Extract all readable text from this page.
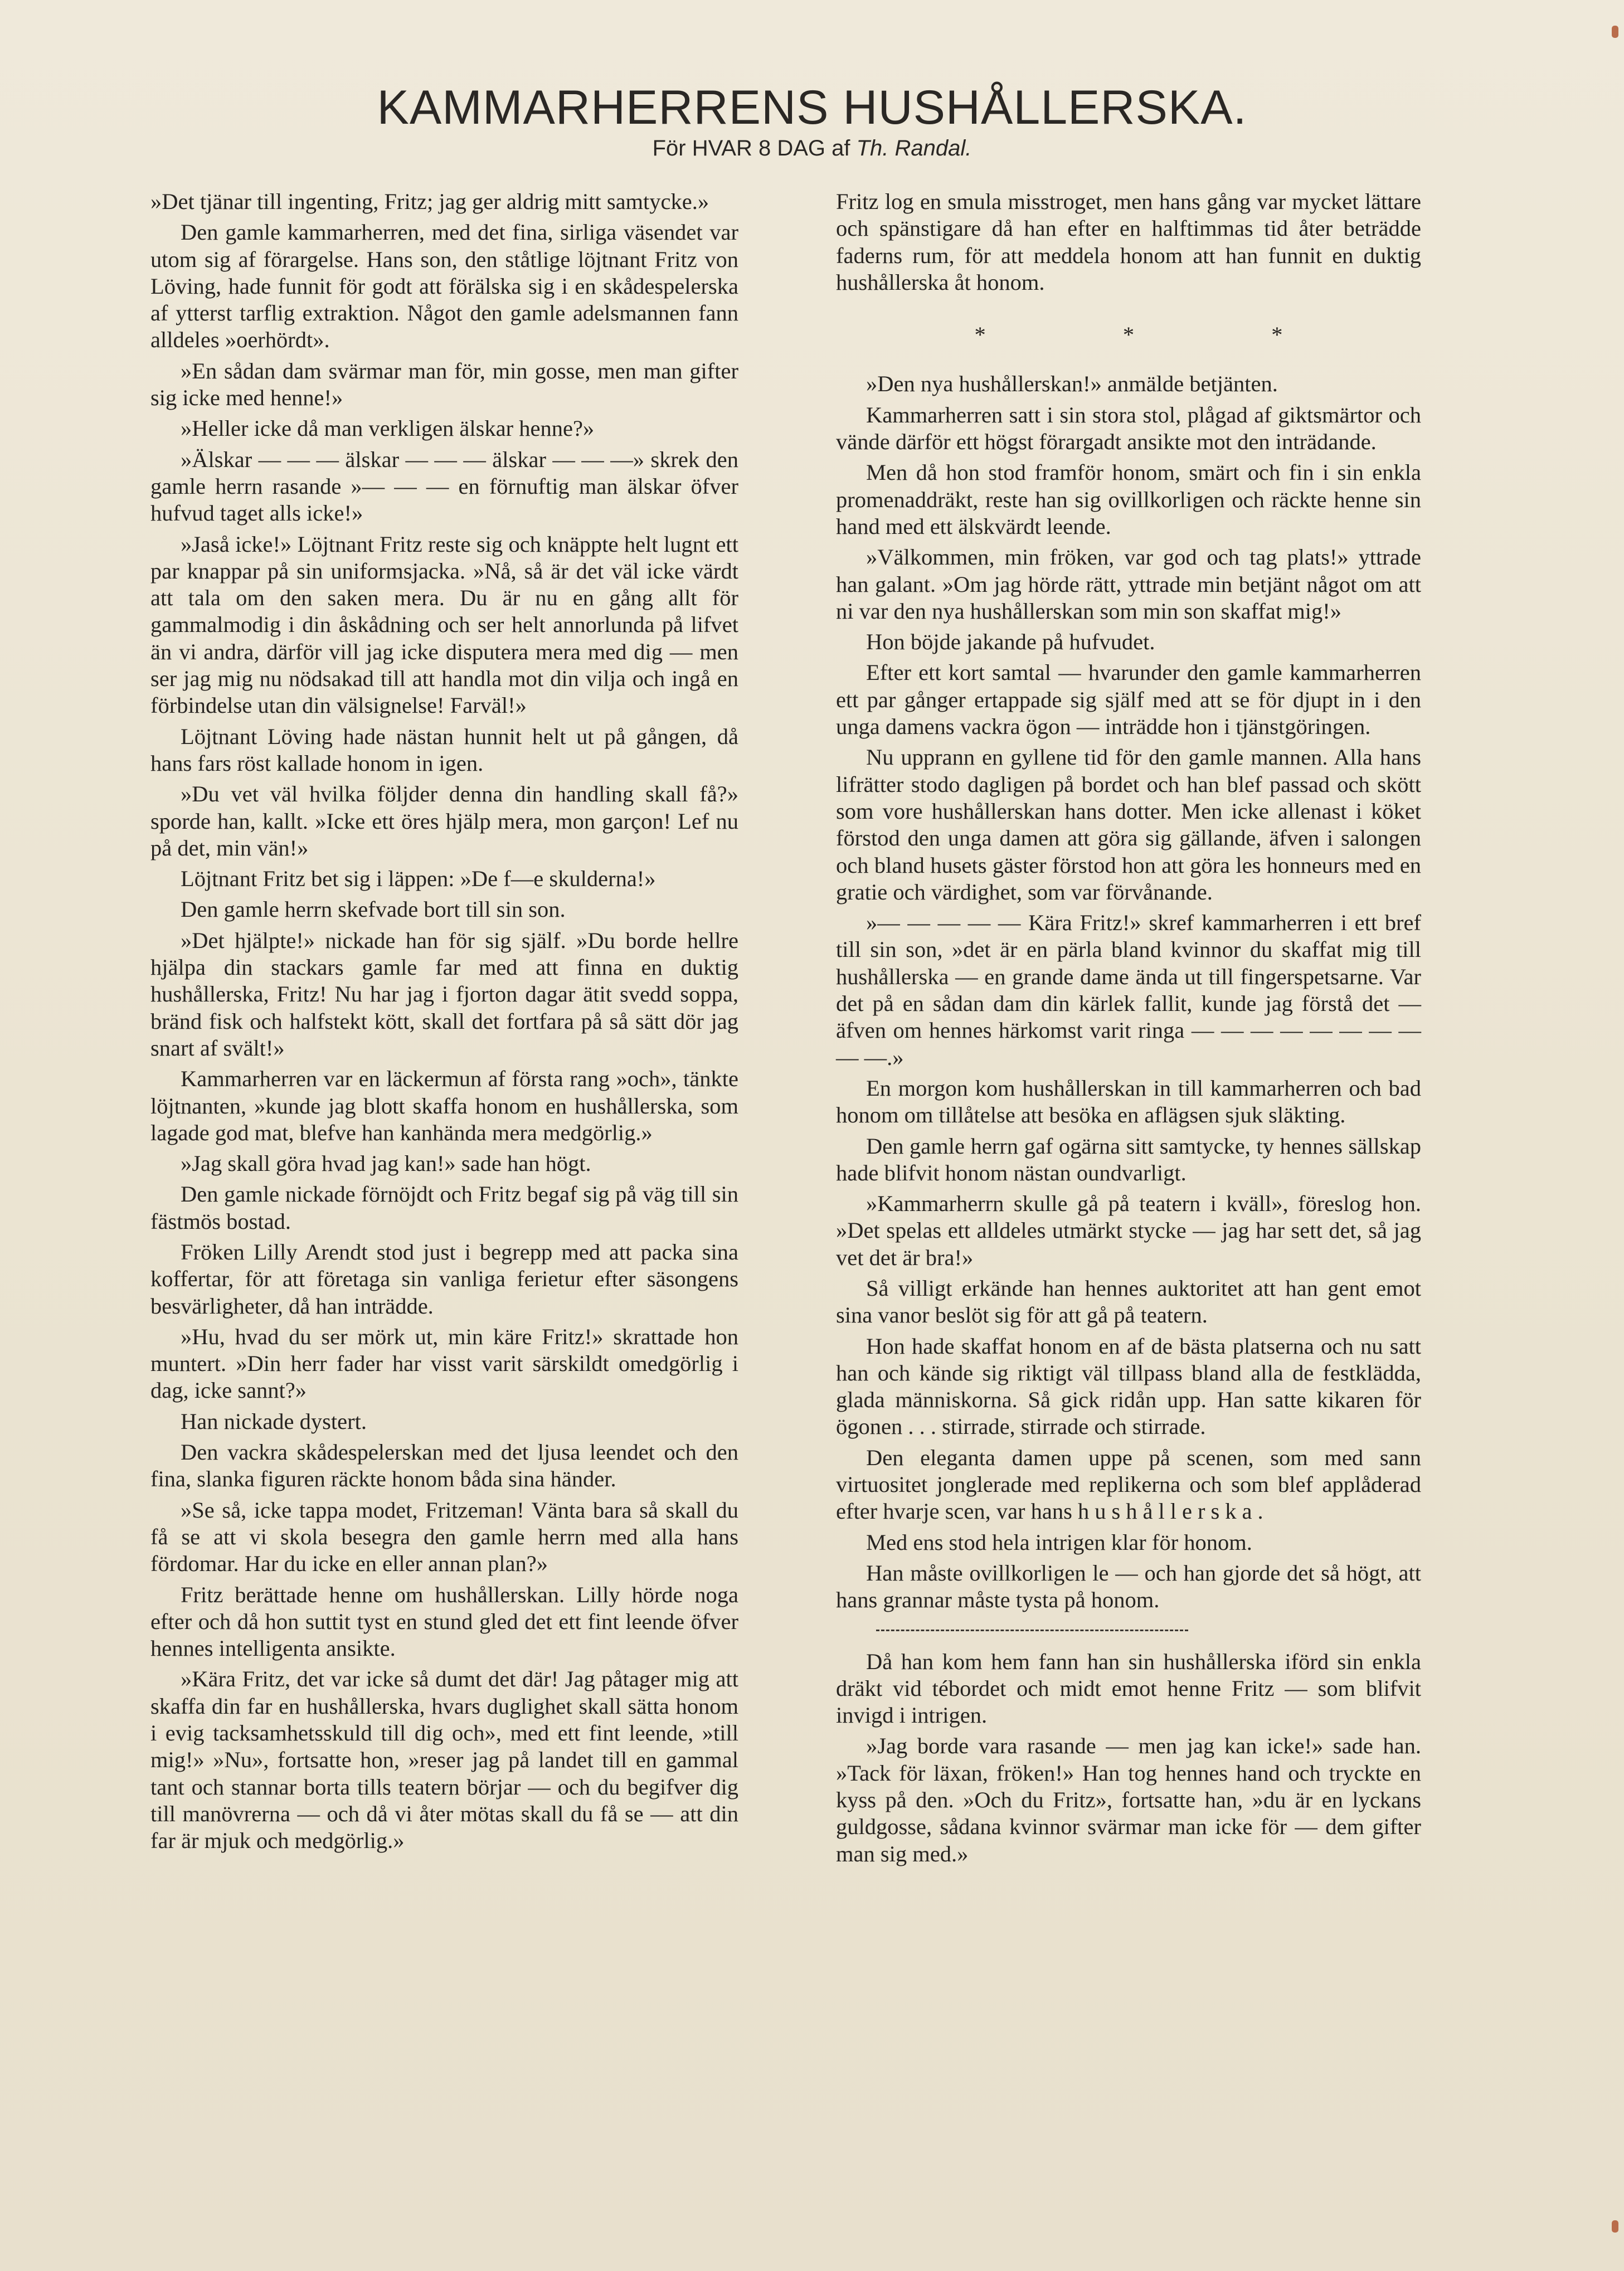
KAMMARHERRENS HUSHÅLLERSKA.
För HVAR 8 DAG af Th. Randal.

»Det tjänar till ingenting, Fritz; jag ger aldrig mitt samtycke.»

Den gamle kammarherren, med det fina, sirliga väsendet var utom sig af förargelse. Hans son, den ståtlige löjtnant Fritz von Löving, hade funnit för godt att förälska sig i en skådespelerska af ytterst tarflig extraktion. Något den gamle adelsmannen fann alldeles »oerhördt».

»En sådan dam svärmar man för, min gosse, men man gifter sig icke med henne!»

»Heller icke då man verkligen älskar henne?»

»Älskar — — — älskar — — — älskar — — —» skrek den gamle herrn rasande »— — — en förnuftig man älskar öfver hufvud taget alls icke!»

»Jaså icke!» Löjtnant Fritz reste sig och knäppte helt lugnt ett par knappar på sin uniformsjacka. »Nå, så är det väl icke värdt att tala om den saken mera. Du är nu en gång allt för gammalmodig i din åskådning och ser helt annorlunda på lifvet än vi andra, därför vill jag icke disputera mera med dig — men ser jag mig nu nödsakad till att handla mot din vilja och ingå en förbindelse utan din välsignelse! Farväl!»

Löjtnant Löving hade nästan hunnit helt ut på gången, då hans fars röst kallade honom in igen.

»Du vet väl hvilka följder denna din handling skall få?» sporde han, kallt. »Icke ett öres hjälp mera, mon garçon! Lef nu på det, min vän!»

Löjtnant Fritz bet sig i läppen: »De f—e skulderna!»

Den gamle herrn skefvade bort till sin son.

»Det hjälpte!» nickade han för sig själf. »Du borde hellre hjälpa din stackars gamle far med att finna en duktig hushållerska, Fritz! Nu har jag i fjorton dagar ätit svedd soppa, bränd fisk och halfstekt kött, skall det fortfara på så sätt dör jag snart af svält!»

Kammarherren var en läckermun af första rang »och», tänkte löjtnanten, »kunde jag blott skaffa honom en hushållerska, som lagade god mat, blefve han kanhända mera medgörlig.»

»Jag skall göra hvad jag kan!» sade han högt.

Den gamle nickade förnöjdt och Fritz begaf sig på väg till sin fästmös bostad.

Fröken Lilly Arendt stod just i begrepp med att packa sina koffertar, för att företaga sin vanliga ferietur efter säsongens besvärligheter, då han inträdde.

»Hu, hvad du ser mörk ut, min käre Fritz!» skrattade hon muntert. »Din herr fader har visst varit särskildt omedgörlig i dag, icke sannt?»

Han nickade dystert.

Den vackra skådespelerskan med det ljusa leendet och den fina, slanka figuren räckte honom båda sina händer.

»Se så, icke tappa modet, Fritzeman! Vänta bara så skall du få se att vi skola besegra den gamle herrn med alla hans fördomar. Har du icke en eller annan plan?»

Fritz berättade henne om hushållerskan. Lilly hörde noga efter och då hon suttit tyst en stund gled det ett fint leende öfver hennes intelligenta ansikte.

»Kära Fritz, det var icke så dumt det där! Jag påtager mig att skaffa din far en hushållerska, hvars duglighet skall sätta honom i evig tacksamhetsskuld till dig och», med ett fint leende, »till mig!» »Nu», fortsatte hon, »reser jag på landet till en gammal tant och stannar borta tills teatern börjar — och du begifver dig till manövrerna — och då vi åter mötas skall du få se — att din far är mjuk och medgörlig.»

Fritz log en smula misstroget, men hans gång var mycket lättare och spänstigare då han efter en halftimmas tid åter beträdde faderns rum, för att meddela honom att han funnit en duktig hushållerska åt honom.

* * *

»Den nya hushållerskan!» anmälde betjänten.

Kammarherren satt i sin stora stol, plågad af giktsmärtor och vände därför ett högst förargadt ansikte mot den inträdande.

Men då hon stod framför honom, smärt och fin i sin enkla promenaddräkt, reste han sig ovillkorligen och räckte henne sin hand med ett älskvärdt leende.

»Välkommen, min fröken, var god och tag plats!» yttrade han galant. »Om jag hörde rätt, yttrade min betjänt något om att ni var den nya hushållerskan som min son skaffat mig!»

Hon böjde jakande på hufvudet.

Efter ett kort samtal — hvarunder den gamle kammarherren ett par gånger ertappade sig själf med att se för djupt in i den unga damens vackra ögon — inträdde hon i tjänstgöringen.

Nu upprann en gyllene tid för den gamle mannen. Alla hans lifrätter stodo dagligen på bordet och han blef passad och skött som vore hushållerskan hans dotter. Men icke allenast i köket förstod den unga damen att göra sig gällande, äfven i salongen och bland husets gäster förstod hon att göra les honneurs med en gratie och värdighet, som var förvånande.

»— — — — — Kära Fritz!» skref kammarherren i ett bref till sin son, »det är en pärla bland kvinnor du skaffat mig till hushållerska — en grande dame ända ut till fingerspetsarne. Var det på en sådan dam din kärlek fallit, kunde jag förstå det — äfven om hennes härkomst varit ringa — — — — — — — — — —.»

En morgon kom hushållerskan in till kammarherren och bad honom om tillåtelse att besöka en aflägsen sjuk släkting.

Den gamle herrn gaf ogärna sitt samtycke, ty hennes sällskap hade blifvit honom nästan oundvarligt.

»Kammarherrn skulle gå på teatern i kväll», föreslog hon. »Det spelas ett alldeles utmärkt stycke — jag har sett det, så jag vet det är bra!»

Så villigt erkände han hennes auktoritet att han gent emot sina vanor beslöt sig för att gå på teatern.

Hon hade skaffat honom en af de bästa platserna och nu satt han och kände sig riktigt väl tillpass bland alla de festklädda, glada människorna. Så gick ridån upp. Han satte kikaren för ögonen . . . stirrade, stirrade och stirrade.

Den eleganta damen uppe på scenen, som med sann virtuositet jonglerade med replikerna och som blef applåderad efter hvarje scen, var hans hushållerska.

Med ens stod hela intrigen klar för honom.

Han måste ovillkorligen le — och han gjorde det så högt, att hans grannar måste tysta på honom.

Då han kom hem fann han sin hushållerska iförd sin enkla dräkt vid tébordet och midt emot henne Fritz — som blifvit invigd i intrigen.

»Jag borde vara rasande — men jag kan icke!» sade han. »Tack för läxan, fröken!» Han tog hennes hand och tryckte en kyss på den. »Och du Fritz», fortsatte han, »du är en lyckans guldgosse, sådana kvinnor svärmar man icke för — dem gifter man sig med.»
